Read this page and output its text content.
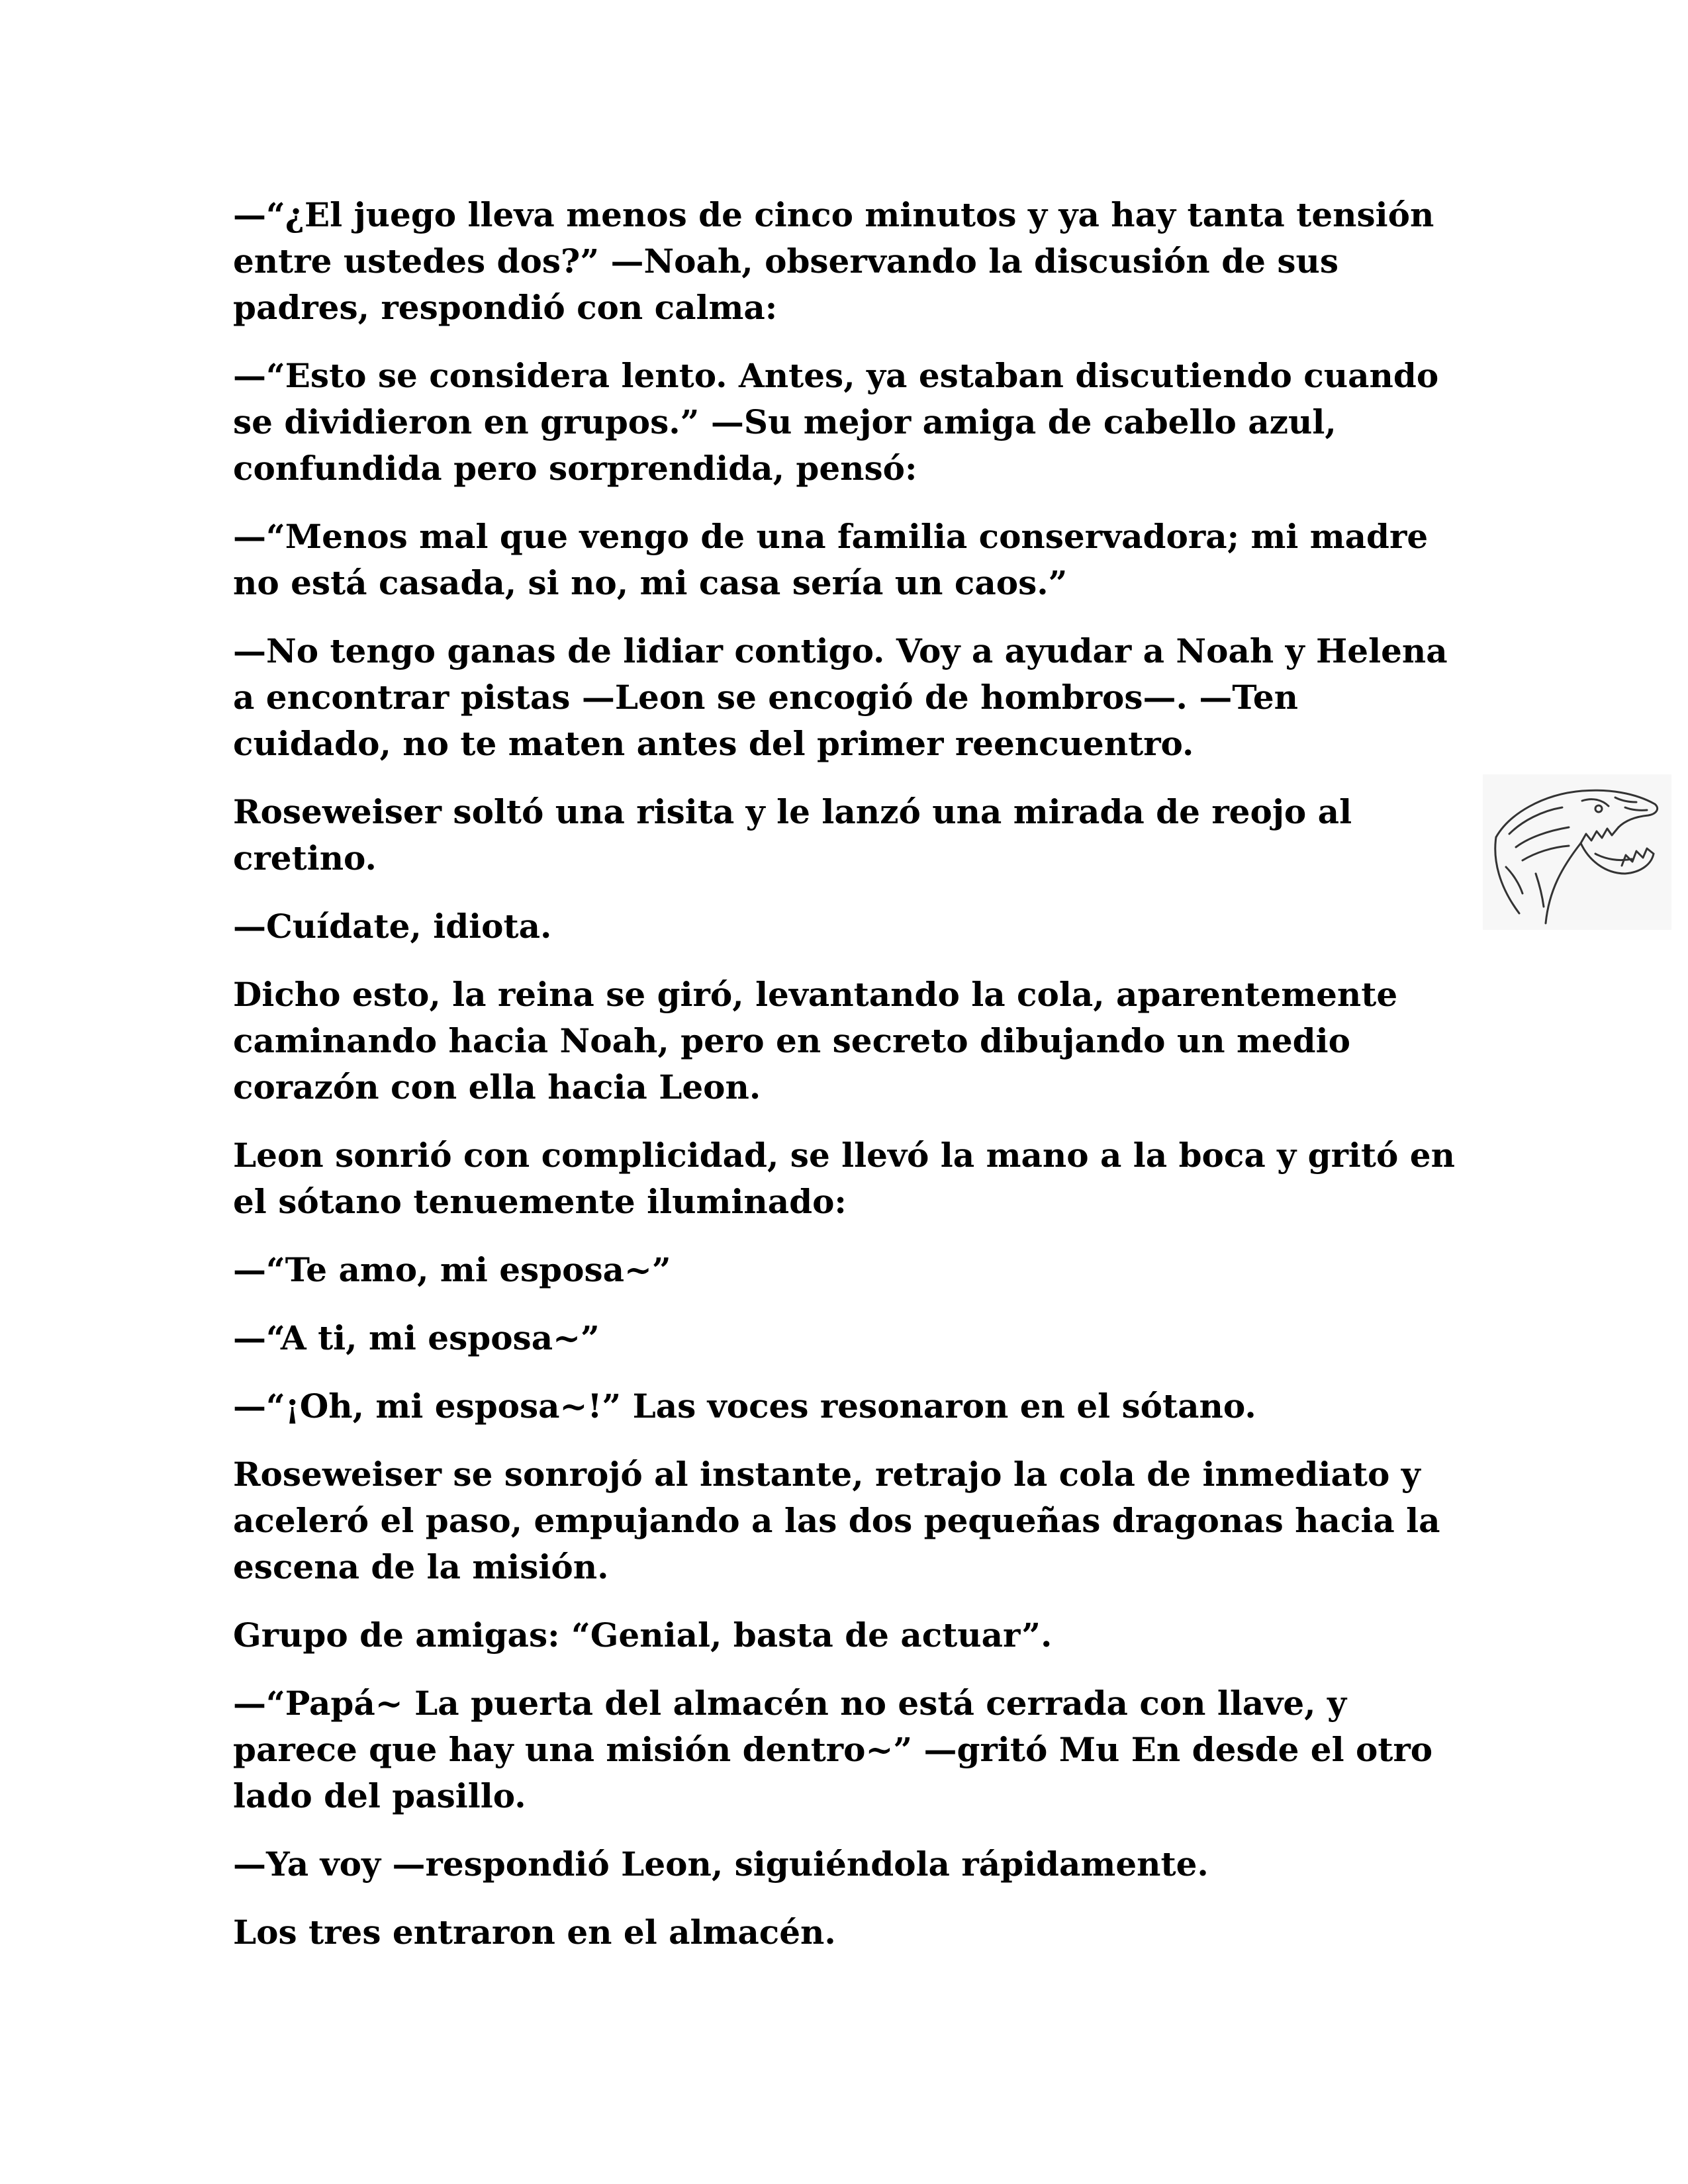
—“¿El juego lleva menos de cinco minutos y ya hay tanta tensión entre ustedes dos?” —Noah, observando la discusión de sus padres, respondió con calma:

—“Esto se considera lento. Antes, ya estaban discutiendo cuando se dividieron en grupos.” —Su mejor amiga de cabello azul, confundida pero sorprendida, pensó:

—“Menos mal que vengo de una familia conservadora; mi madre no está casada, si no, mi casa sería un caos.”

—No tengo ganas de lidiar contigo. Voy a ayudar a Noah y Helena a encontrar pistas —Leon se encogió de hombros—. —Ten cuidado, no te maten antes del primer reencuentro.

Roseweiser soltó una risita y le lanzó una mirada de reojo al cretino.

—Cuídate, idiota.

Dicho esto, la reina se giró, levantando la cola, aparentemente caminando hacia Noah, pero en secreto dibujando un medio corazón con ella hacia Leon.

Leon sonrió con complicidad, se llevó la mano a la boca y gritó en el sótano tenuemente iluminado:

—“Te amo, mi esposa~”

—“A ti, mi esposa~”

—“¡Oh, mi esposa~!” Las voces resonaron en el sótano.

Roseweiser se sonrojó al instante, retrajo la cola de inmediato y aceleró el paso, empujando a las dos pequeñas dragonas hacia la escena de la misión.

Grupo de amigas: “Genial, basta de actuar”.

—“Papá~ La puerta del almacén no está cerrada con llave, y parece que hay una misión dentro~” —gritó Mu En desde el otro lado del pasillo.

—Ya voy —respondió Leon, siguiéndola rápidamente.

Los tres entraron en el almacén.
